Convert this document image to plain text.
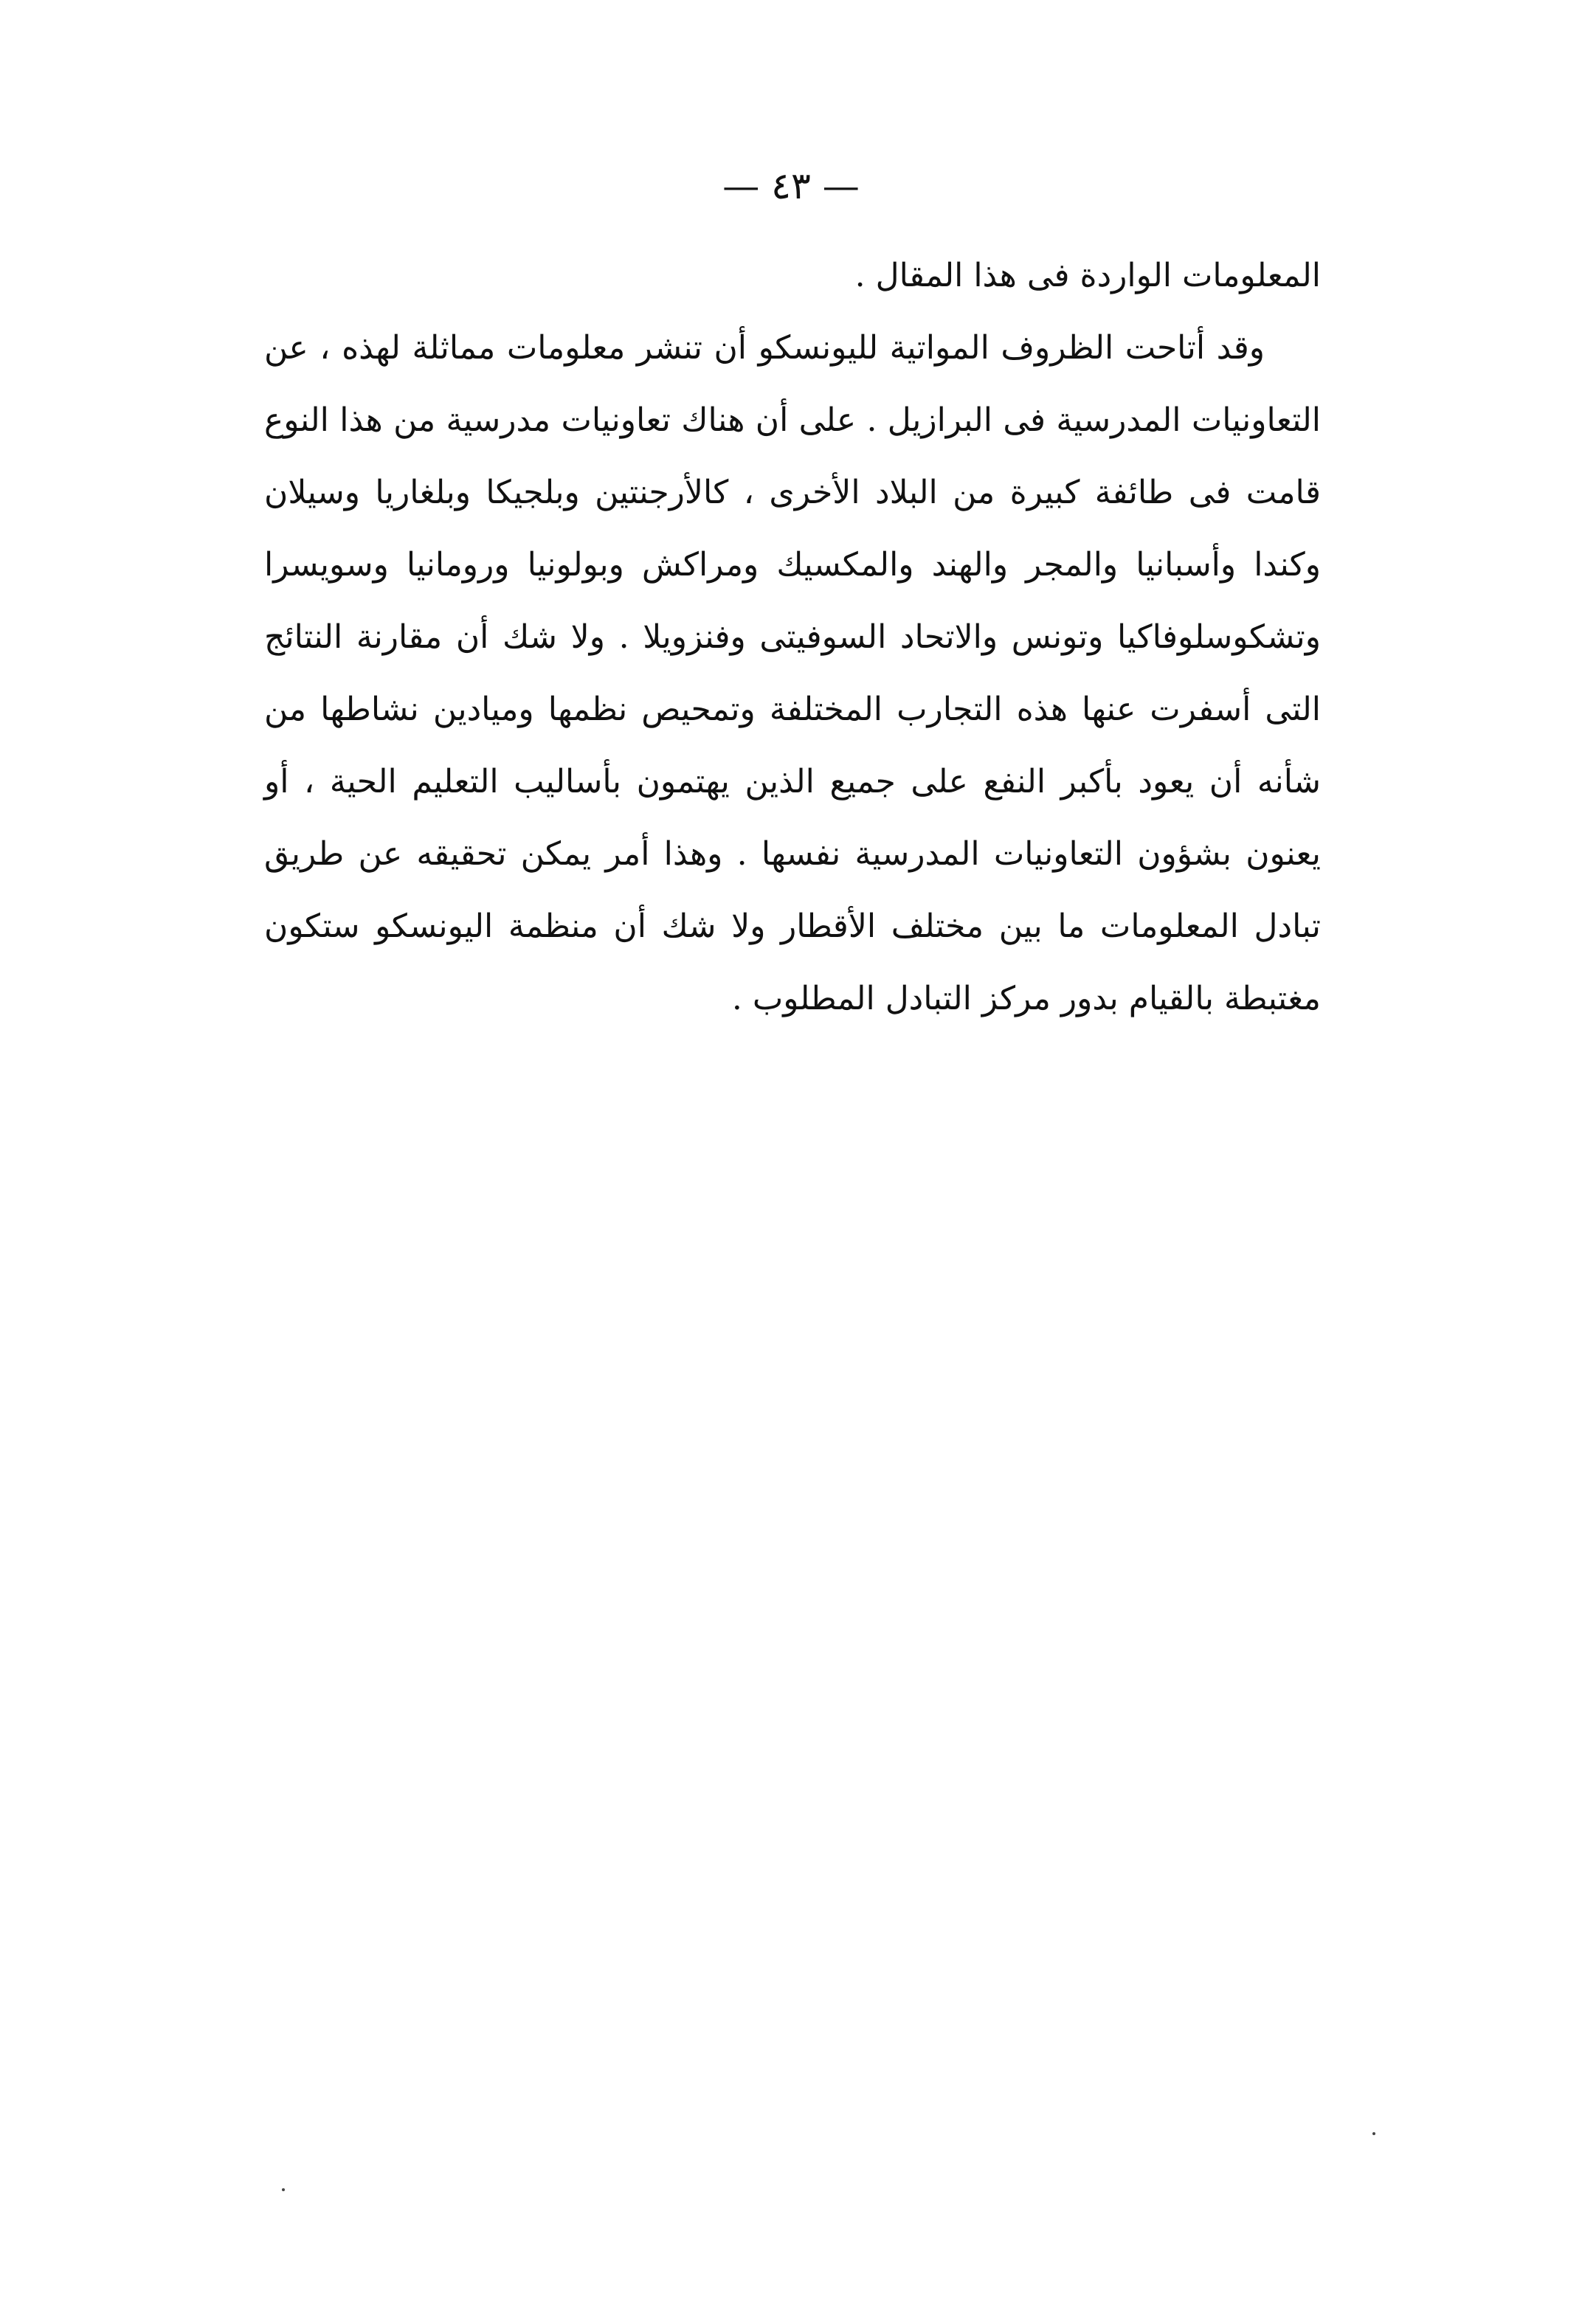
— ٤٣ —

المعلومات الواردة فى هذا المقال .

وقد أتاحت الظروف المواتية لليونسكو أن تنشر معلومات مماثلة لهذه ، عن التعاونيات المدرسية فى البرازيل . على أن هناك تعاونيات مدرسية من هذا النوع قامت فى طائفة كبيرة من البلاد الأخرى ، كالأرجنتين وبلجيكا وبلغاريا وسيلان وكندا وأسبانيا والمجر والهند والمكسيك ومراكش وبولونيا ورومانيا وسويسرا وتشكوسلوفاكيا وتونس والاتحاد السوفيتى وفنزويلا . ولا شك أن مقارنة النتائج التى أسفرت عنها هذه التجارب المختلفة وتمحيص نظمها وميادين نشاطها من شأنه أن يعود بأكبر النفع على جميع الذين يهتمون بأساليب التعليم الحية ، أو يعنون بشؤون التعاونيات المدرسية نفسها . وهذا أمر يمكن تحقيقه عن طريق تبادل المعلومات ما بين مختلف الأقطار ولا شك أن منظمة اليونسكو ستكون مغتبطة بالقيام بدور مركز التبادل المطلوب .
